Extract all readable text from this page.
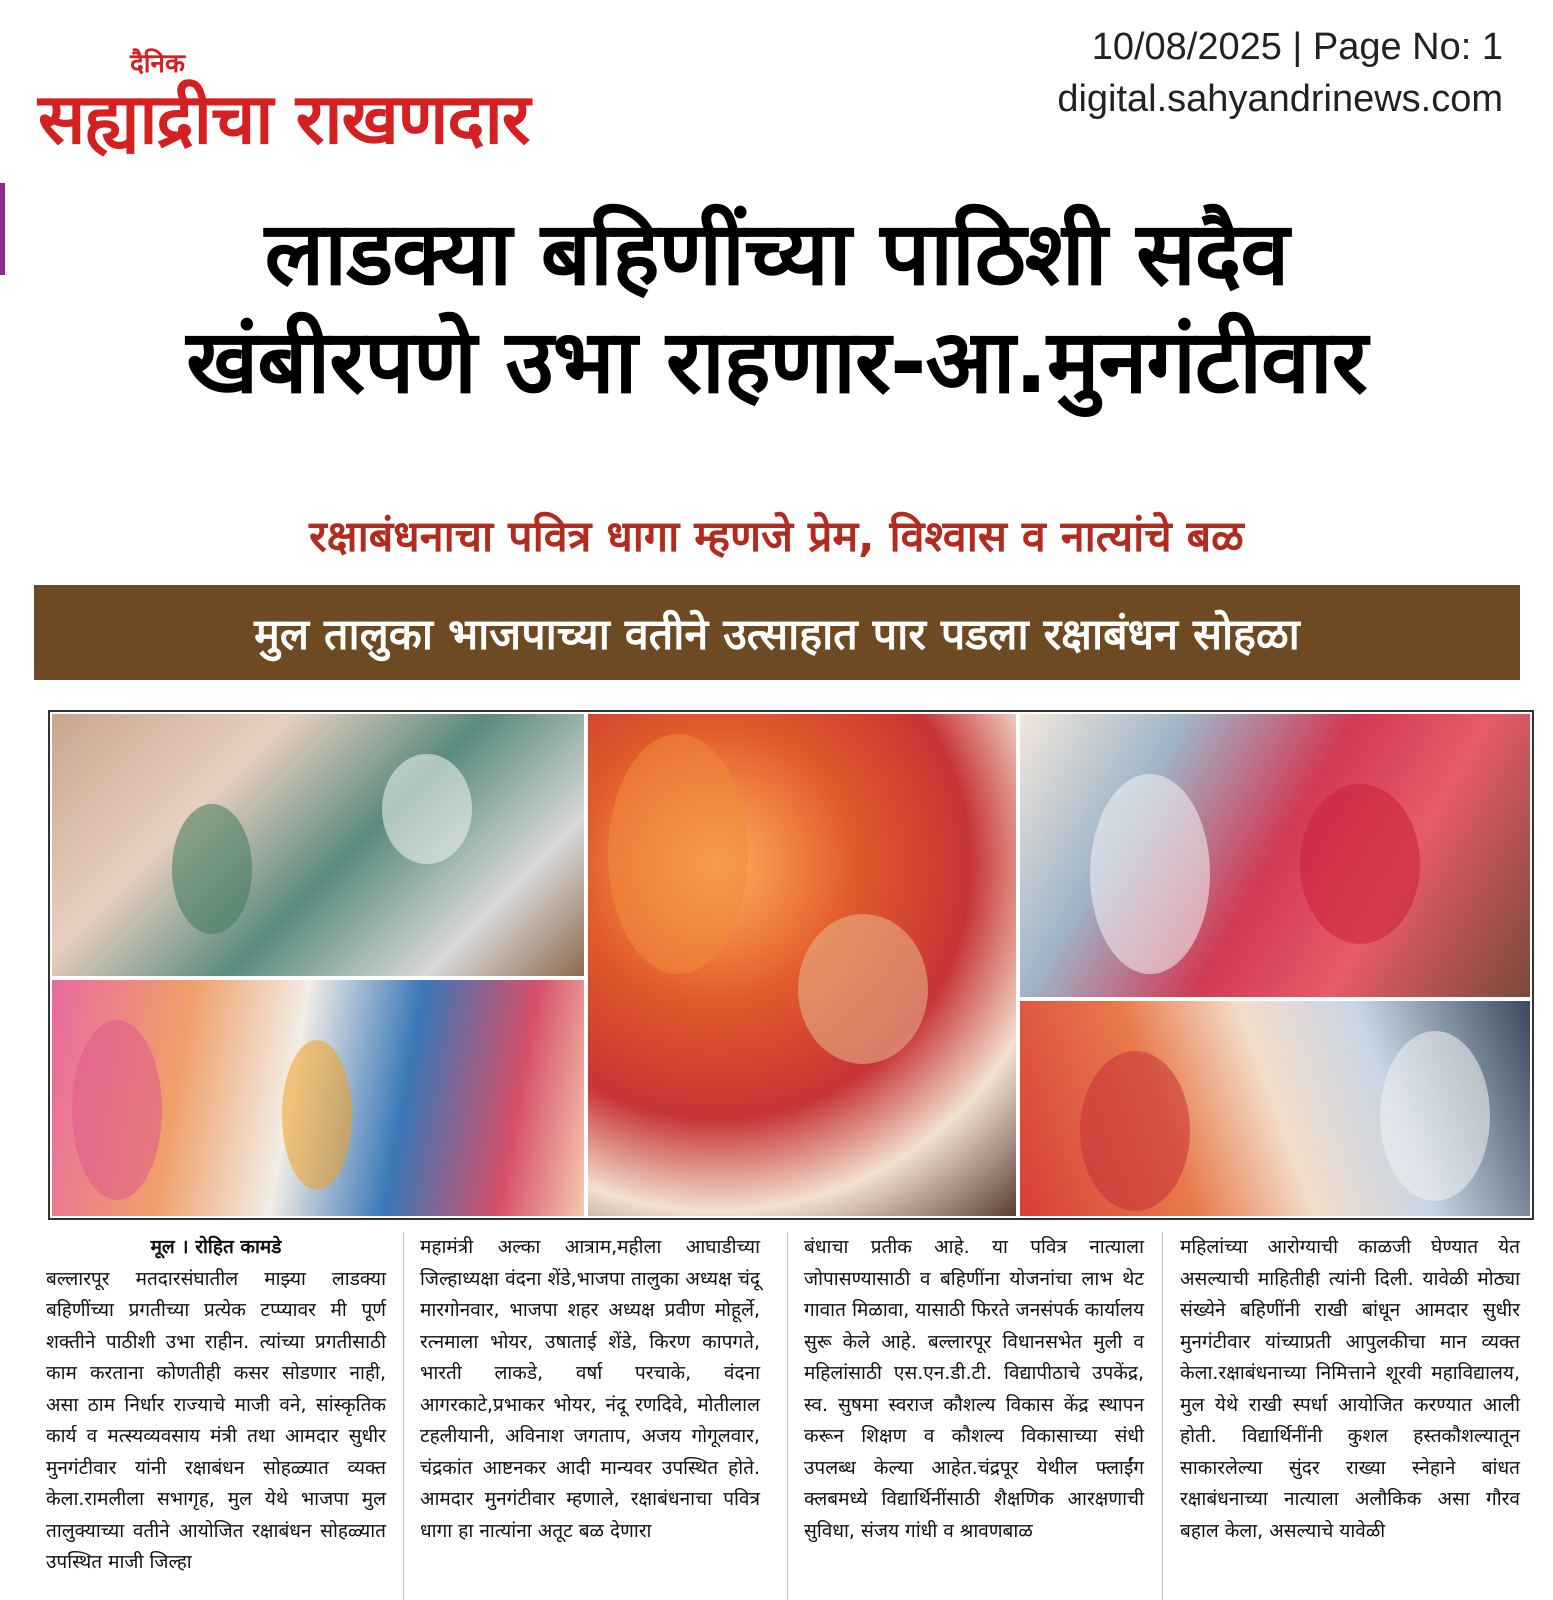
दैनिक
सह्याद्रीचा राखणदार
10/08/2025 | Page No: 1
digital.sahyandrinews.com
लाडक्या बहिणींच्या पाठिशी सदैव
खंबीरपणे उभा राहणार-आ.मुनगंटीवार
रक्षाबंधनाचा पवित्र धागा म्हणजे प्रेम, विश्वास व नात्यांचे बळ
मुल तालुका भाजपाच्या वतीने उत्साहात पार पडला रक्षाबंधन सोहळा
मूल । रोहित कामडे
बल्लारपूर मतदारसंघातील माझ्या लाडक्या बहिणींच्या प्रगतीच्या प्रत्येक टप्प्यावर मी पूर्ण शक्तीने पाठीशी उभा राहीन. त्यांच्या प्रगतीसाठी काम करताना कोणतीही कसर सोडणार नाही, असा ठाम निर्धार राज्याचे माजी वने, सांस्कृतिक कार्य व मत्स्यव्यवसाय मंत्री तथा आमदार सुधीर मुनगंटीवार यांनी रक्षाबंधन सोहळ्यात व्यक्त केला.रामलीला सभागृह, मुल येथे भाजपा मुल तालुक्याच्या वतीने आयोजित रक्षाबंधन सोहळ्यात उपस्थित माजी जिल्हा
महामंत्री अल्का आत्राम,महीला आघाडीच्या जिल्हाध्यक्षा वंदना शेंडे,भाजपा तालुका अध्यक्ष चंदू मारगोनवार, भाजपा शहर अध्यक्ष प्रवीण मोहूर्ले, रत्नमाला भोयर, उषाताई शेंडे, किरण कापगते, भारती लाकडे, वर्षा परचाके, वंदना आगरकाटे,प्रभाकर भोयर, नंदू रणदिवे, मोतीलाल टहलीयानी, अविनाश जगताप, अजय गोगूलवार, चंद्रकांत आष्टनकर आदी मान्यवर उपस्थित होते. आमदार मुनगंटीवार म्हणाले, रक्षाबंधनाचा पवित्र धागा हा नात्यांना अतूट बळ देणारा
बंधाचा प्रतीक आहे. या पवित्र नात्याला जोपासण्यासाठी व बहिणींना योजनांचा लाभ थेट गावात मिळावा, यासाठी फिरते जनसंपर्क कार्यालय सुरू केले आहे. बल्लारपूर विधानसभेत मुली व महिलांसाठी एस.एन.डी.टी. विद्यापीठाचे उपकेंद्र, स्व. सुषमा स्वराज कौशल्य विकास केंद्र स्थापन करून शिक्षण व कौशल्य विकासाच्या संधी उपलब्ध केल्या आहेत.चंद्रपूर येथील फ्लाईंग क्लबमध्ये विद्यार्थिनींसाठी शैक्षणिक आरक्षणाची सुविधा, संजय गांधी व श्रावणबाळ
महिलांच्या आरोग्याची काळजी घेण्यात येत असल्याची माहितीही त्यांनी दिली. यावेळी मोठ्या संख्येने बहिणींनी राखी बांधून आमदार सुधीर मुनगंटीवार यांच्याप्रती आपुलकीचा मान व्यक्त केला.रक्षाबंधनाच्या निमित्ताने शूरवी महाविद्यालय, मुल येथे राखी स्पर्धा आयोजित करण्यात आली होती. विद्यार्थिनींनी कुशल हस्तकौशल्यातून साकारलेल्या सुंदर राख्या स्नेहाने बांधत रक्षाबंधनाच्या नात्याला अलौकिक असा गौरव बहाल केला, असल्याचे यावेळी
